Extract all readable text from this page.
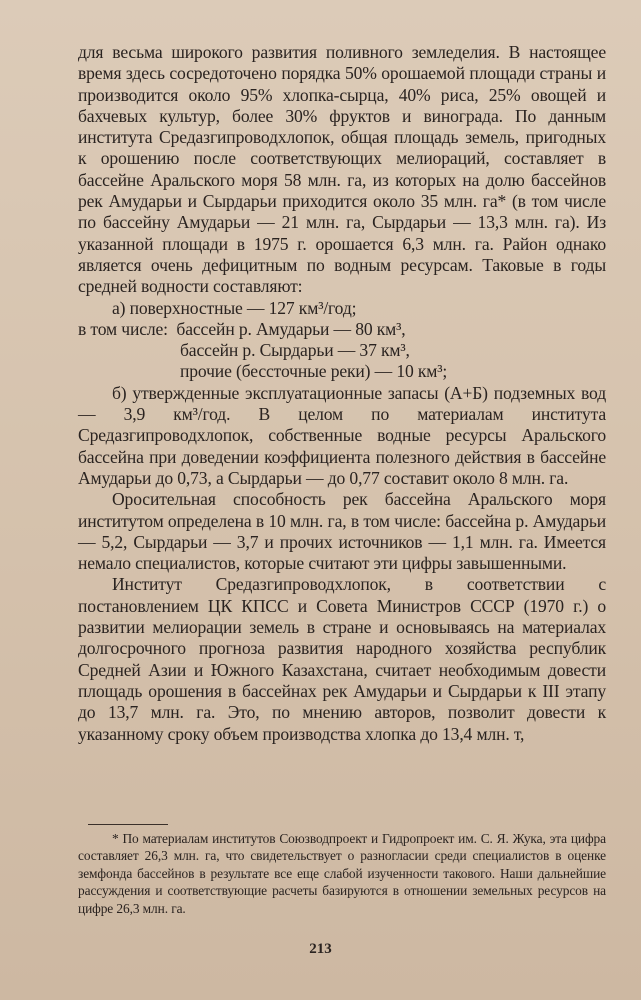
для весьма широкого развития поливного земледелия. В настоящее время здесь сосредоточено порядка 50% орошаемой площади страны и производится около 95% хлопка-сырца, 40% риса, 25% овощей и бахчевых культур, более 30% фруктов и винограда. По данным института Средазгипроводхлопок, общая площадь земель, пригодных к орошению после соответствующих мелиораций, составляет в бассейне Аральского моря 58 млн. га, из которых на долю бассейнов рек Амударьи и Сырдарьи приходится около 35 млн. га* (в том числе по бассейну Амударьи — 21 млн. га, Сырдарьи — 13,3 млн. га). Из указанной площади в 1975 г. орошается 6,3 млн. га. Район однако является очень дефицитным по водным ресурсам. Таковые в годы средней водности составляют:

а) поверхностные — 127 км³/год;
в том числе: бассейн р. Амударьи — 80 км³,
бассейн р. Сырдарьи — 37 км³,
прочие (бессточные реки) — 10 км³;

б) утвержденные эксплуатационные запасы (А+Б) подземных вод — 3,9 км³/год. В целом по материалам института Средазгипроводхлопок, собственные водные ресурсы Аральского бассейна при доведении коэффициента полезного действия в бассейне Амударьи до 0,73, а Сырдарьи — до 0,77 составит около 8 млн. га.

Оросительная способность рек бассейна Аральского моря институтом определена в 10 млн. га, в том числе: бассейна р. Амударьи — 5,2, Сырдарьи — 3,7 и прочих источников — 1,1 млн. га. Имеется немало специалистов, которые считают эти цифры завышенными.

Институт Средазгипроводхлопок, в соответствии с постановлением ЦК КПСС и Совета Министров СССР (1970 г.) о развитии мелиорации земель в стране и основываясь на материалах долгосрочного прогноза развития народного хозяйства республик Средней Азии и Южного Казахстана, считает необходимым довести площадь орошения в бассейнах рек Амударьи и Сырдарьи к III этапу до 13,7 млн. га. Это, по мнению авторов, позволит довести к указанному сроку объем производства хлопка до 13,4 млн. т,

* По материалам институтов Союзводпроект и Гидропроект им. С. Я. Жука, эта цифра составляет 26,3 млн. га, что свидетельствует о разногласии среди специалистов в оценке земфонда бассейнов в результате все еще слабой изученности такового. Наши дальнейшие рассуждения и соответствующие расчеты базируются в отношении земельных ресурсов на цифре 26,3 млн. га.

213
